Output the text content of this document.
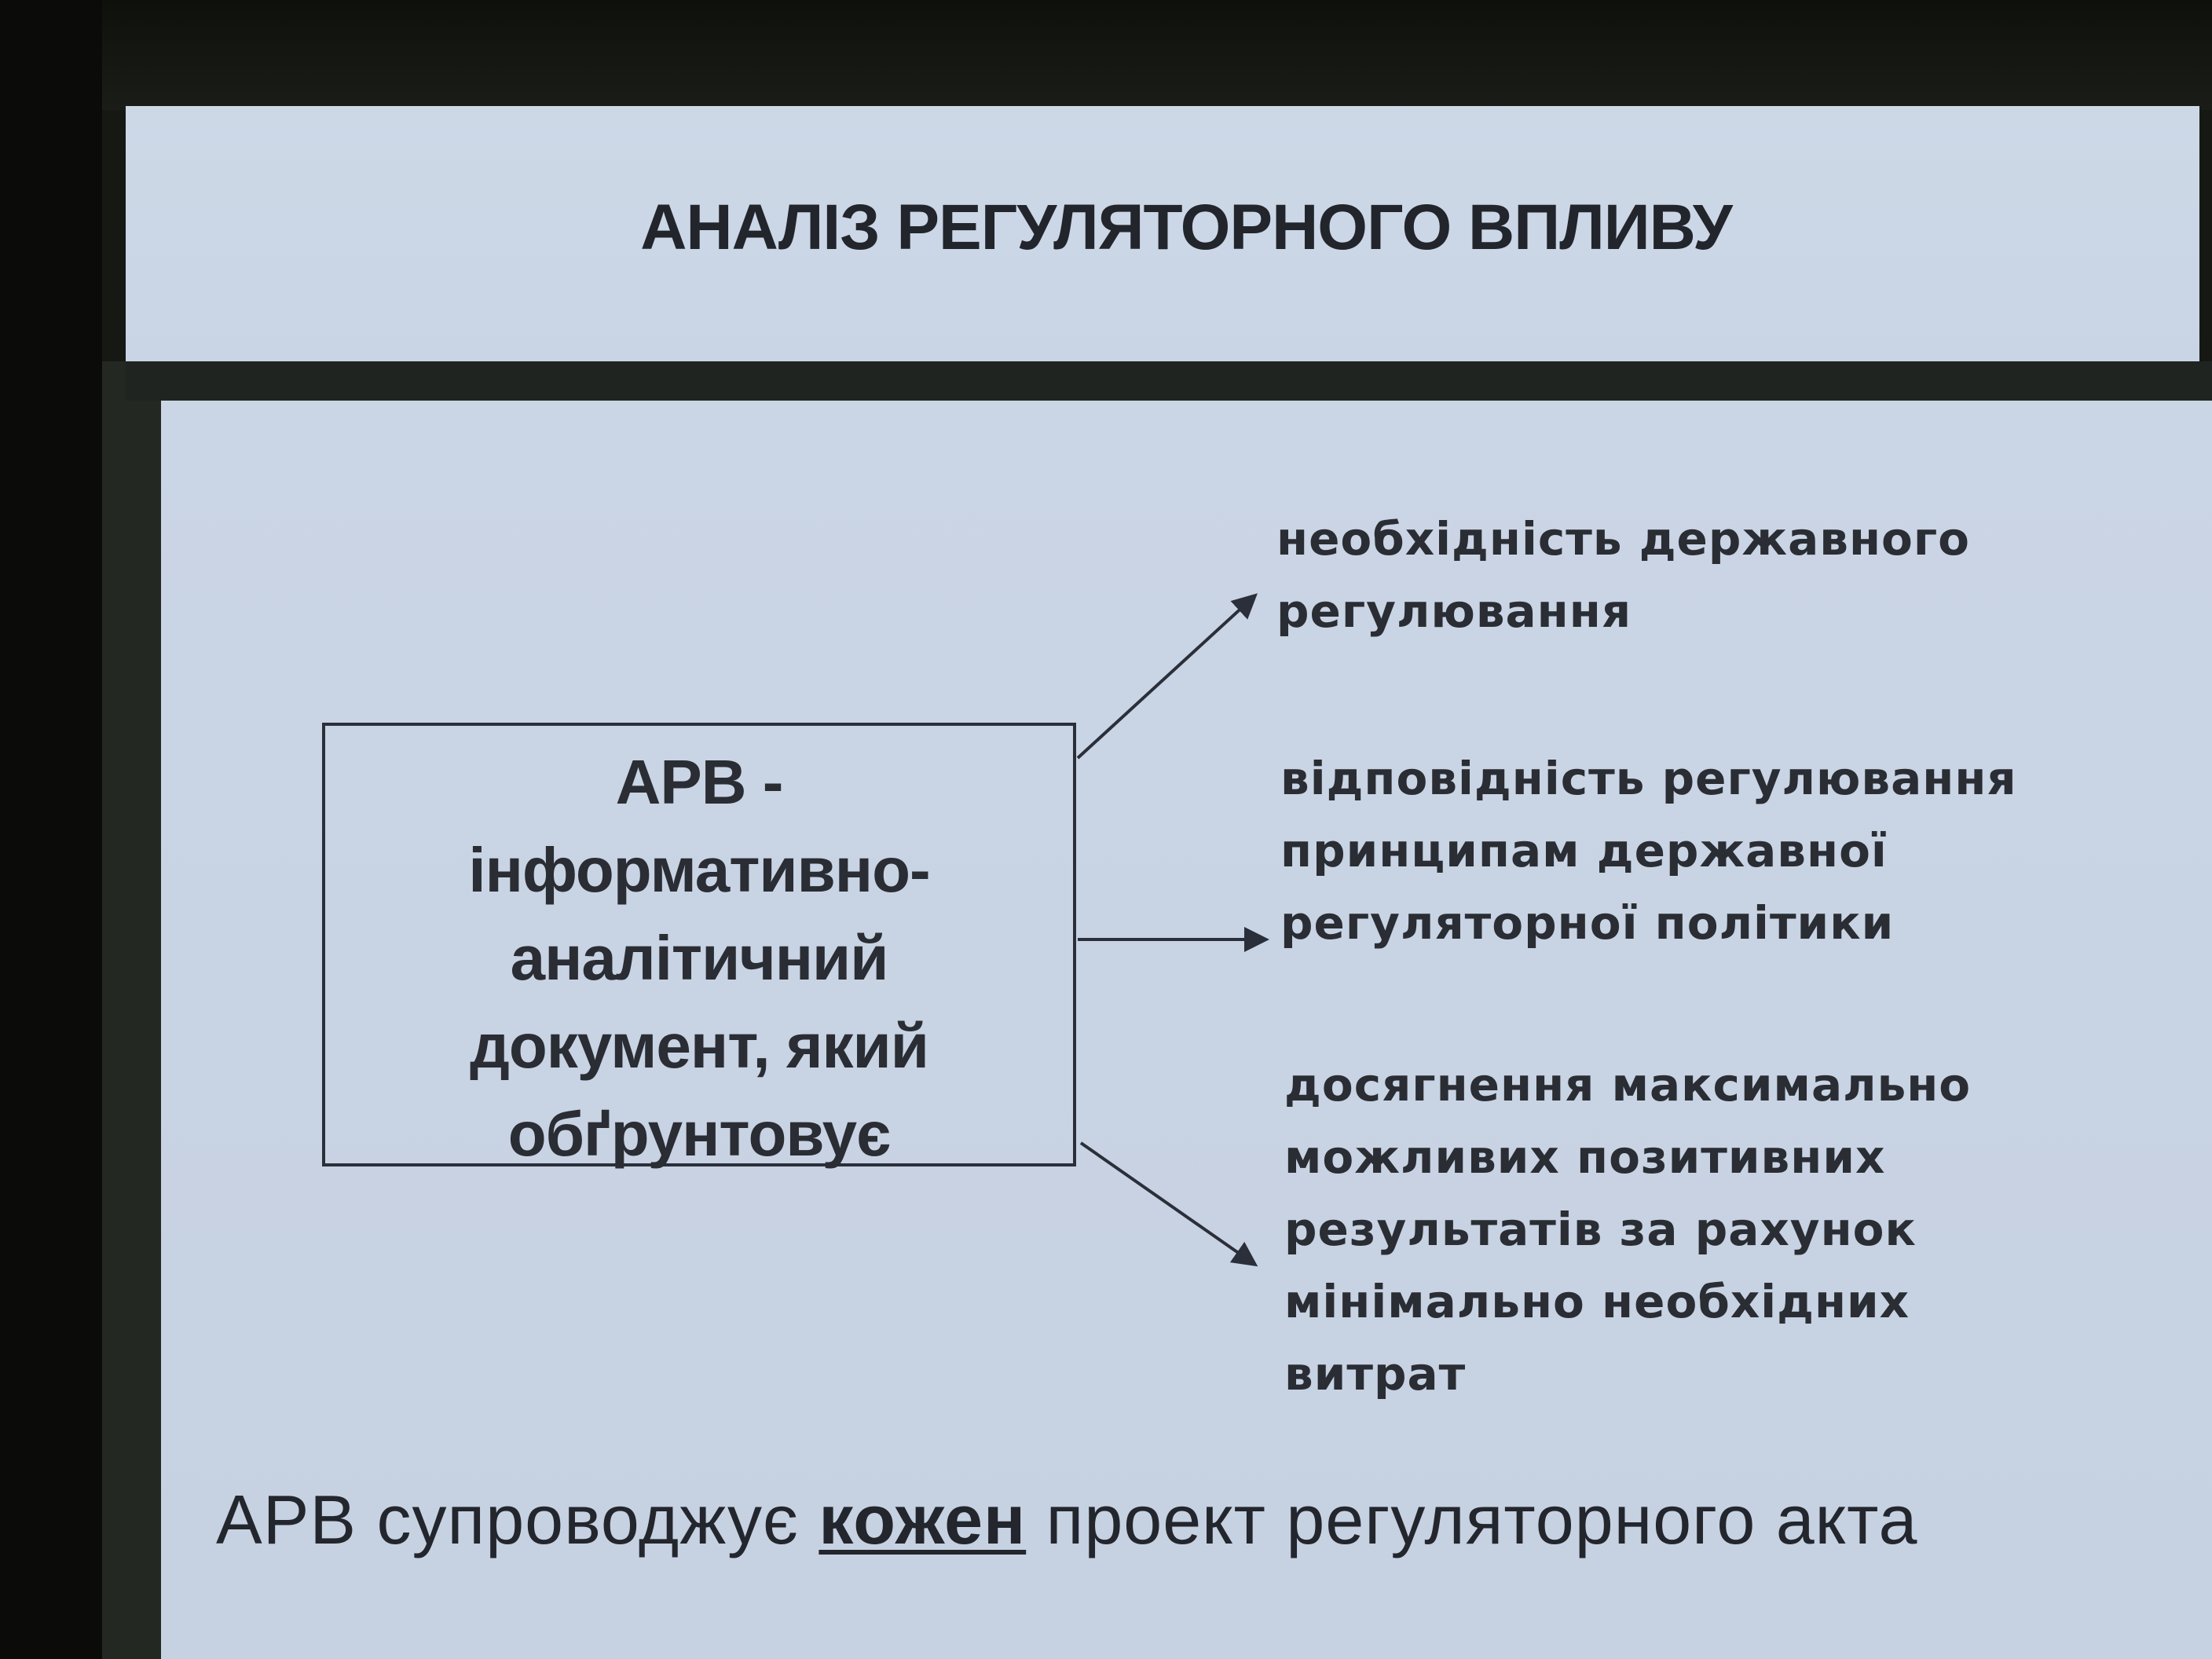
АНАЛІЗ РЕГУЛЯТОРНОГО ВПЛИВУ
АРВ -
інформативно-
аналітичний
документ, який
обґрунтовує
необхідність державного
регулювання
відповідність регулювання
принципам державної
регуляторної політики
досягнення максимально
можливих позитивних
результатів за рахунок
мінімально необхідних
витрат
АРВ супроводжує кожен проект регуляторного акта
